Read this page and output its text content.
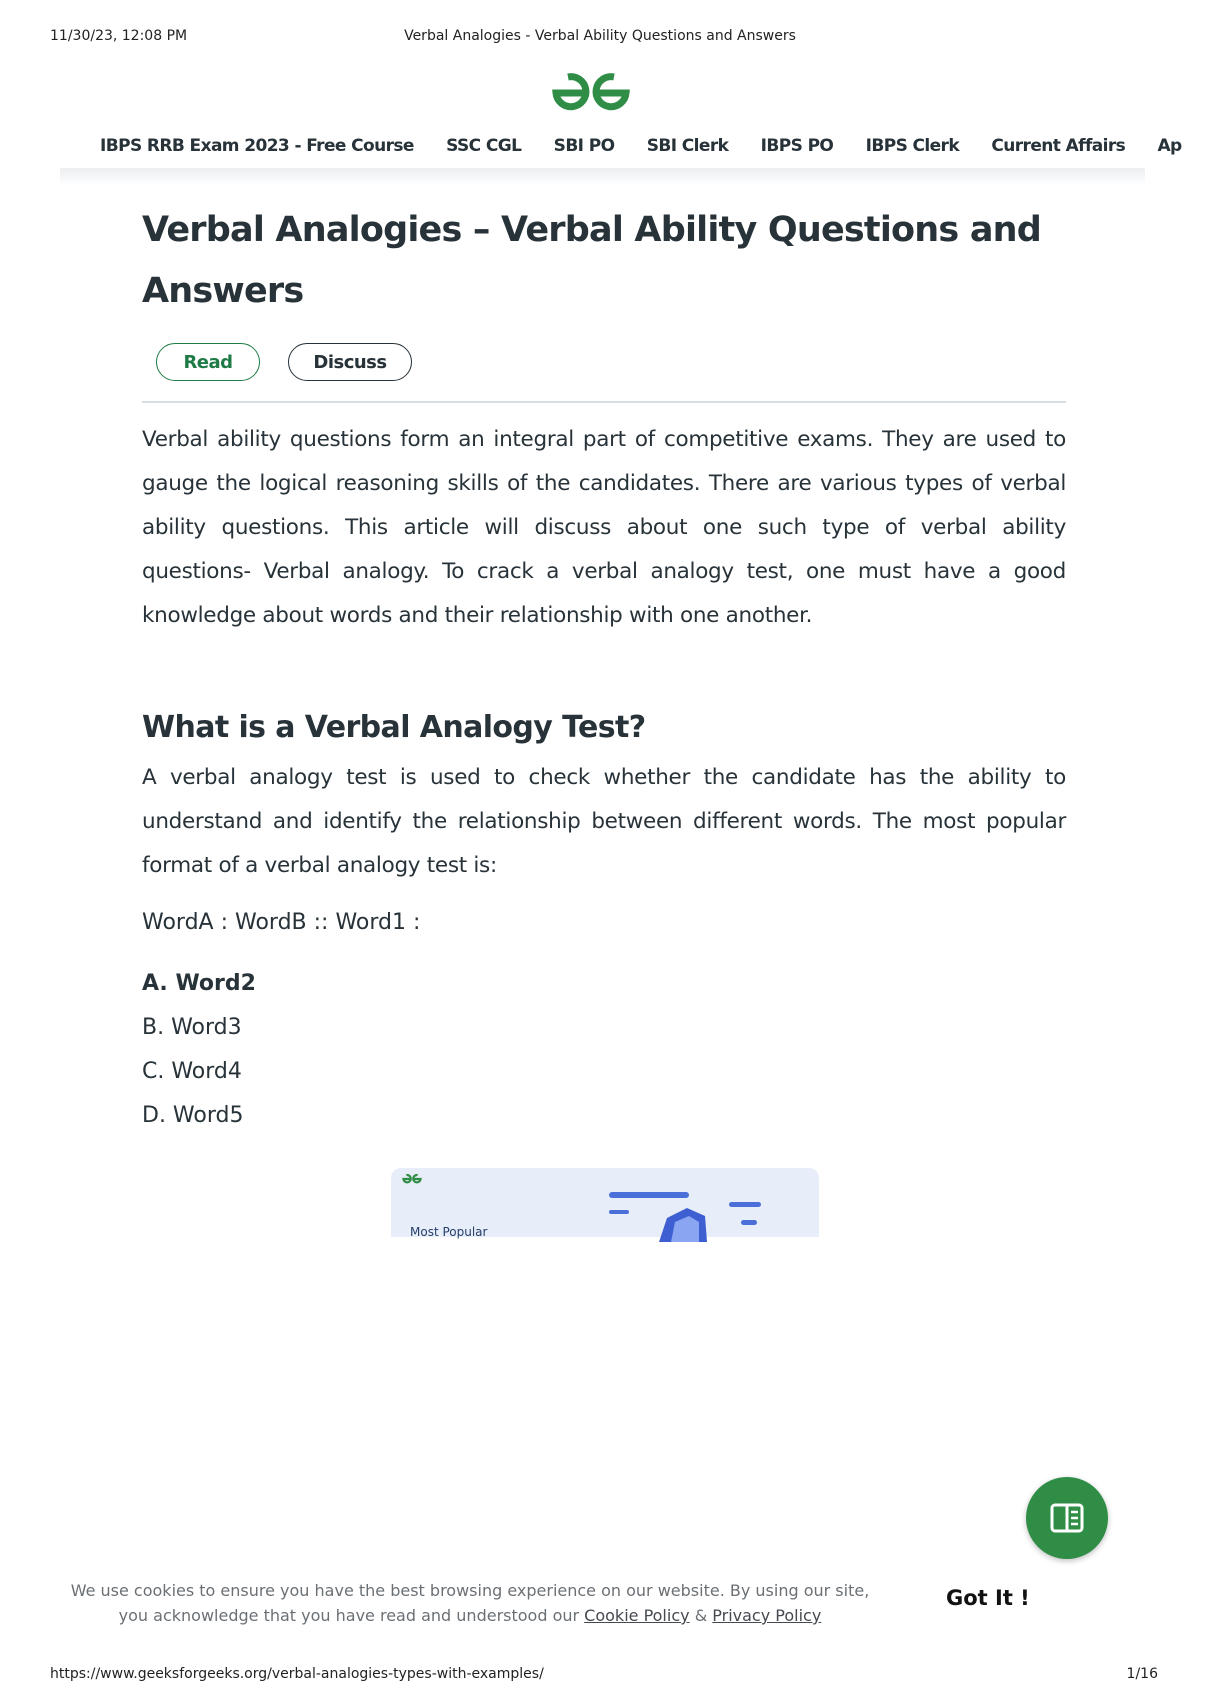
11/30/23, 12:08 PM	Verbal Analogies - Verbal Ability Questions and Answers
IBPS RRB Exam 2023 - Free Course SSC CGL SBI PO SBI Clerk IBPS PO IBPS Clerk Current Affairs Ap
Verbal Analogies – Verbal Ability Questions and Answers
Read	Discuss

Verbal ability questions form an integral part of competitive exams. They are used to gauge the logical reasoning skills of the candidates. There are various types of verbal ability questions. This article will discuss about one such type of verbal ability questions- Verbal analogy. To crack a verbal analogy test, one must have a good knowledge about words and their relationship with one another.

What is a Verbal Analogy Test?

A verbal analogy test is used to check whether the candidate has the ability to understand and identify the relationship between different words. The most popular format of a verbal analogy test is:

WordA : WordB :: Word1 :
A. Word2
B. Word3
C. Word4
D. Word5
Most Popular
We use cookies to ensure you have the best browsing experience on our website. By using our site,
you acknowledge that you have read and understood our Cookie Policy & Privacy Policy
Got It !
https://www.geeksforgeeks.org/verbal-analogies-types-with-examples/	1/16
